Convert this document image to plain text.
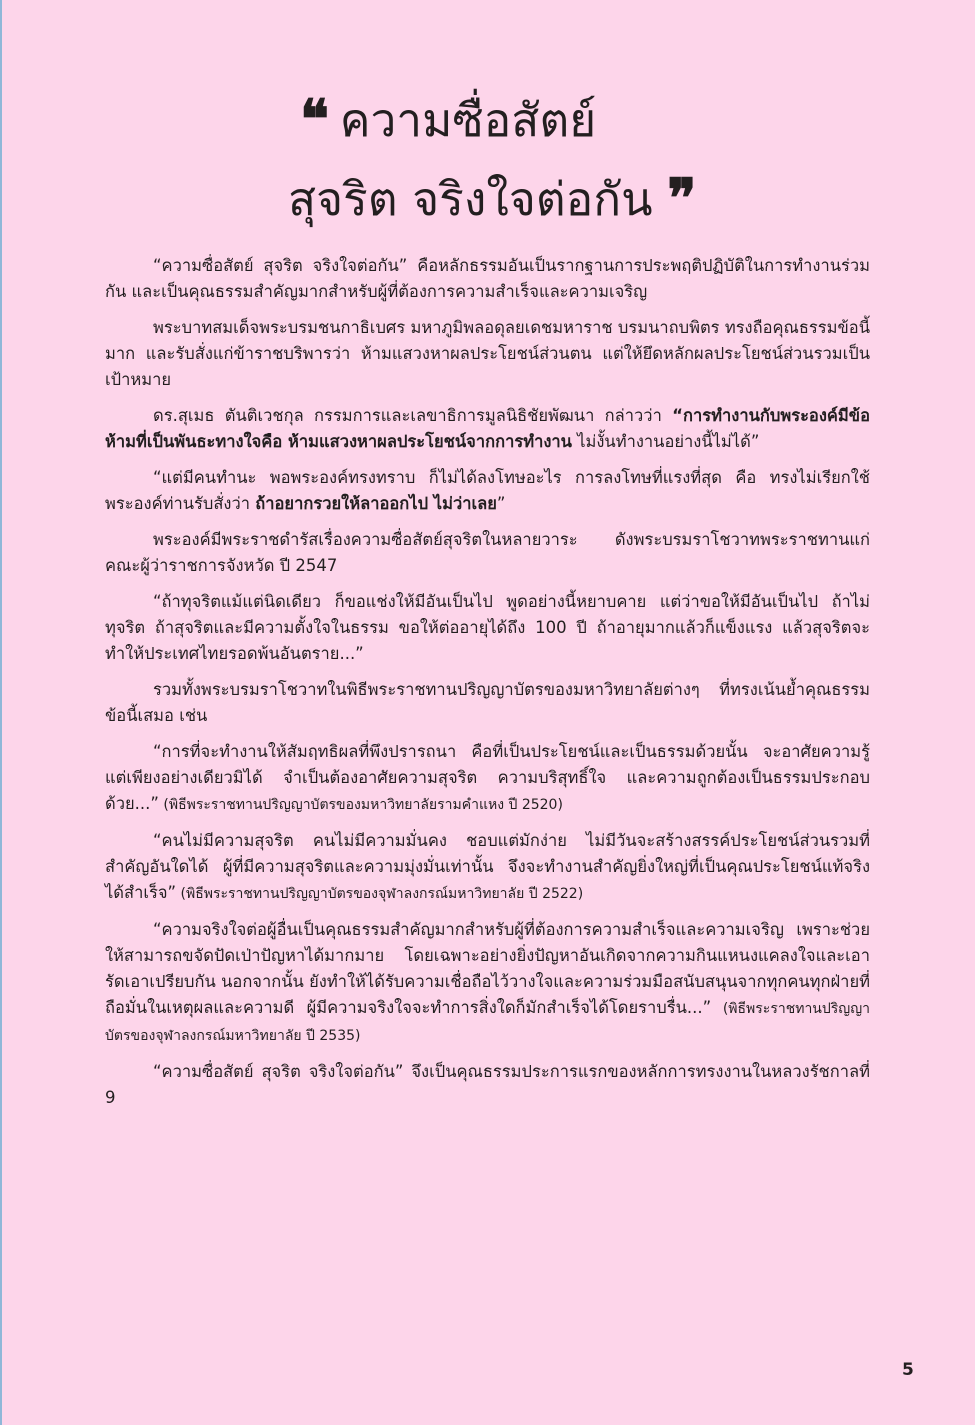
❝ ความซื่อสัตย์
สุจริต จริงใจต่อกัน ❞

“ความซื่อสัตย์ สุจริต จริงใจต่อกัน” คือหลักธรรมอันเป็นรากฐานการประพฤติปฏิบัติในการทำงานร่วมกัน และเป็นคุณธรรมสำคัญมากสำหรับผู้ที่ต้องการความสำเร็จและความเจริญ

พระบาทสมเด็จพระบรมชนกาธิเบศร มหาภูมิพลอดุลยเดชมหาราช บรมนาถบพิตร ทรงถือคุณธรรมข้อนี้มาก และรับสั่งแก่ข้าราชบริพารว่า ห้ามแสวงหาผลประโยชน์ส่วนตน แต่ให้ยึดหลักผลประโยชน์ส่วนรวมเป็นเป้าหมาย

ดร.สุเมธ ตันติเวชกุล กรรมการและเลขาธิการมูลนิธิชัยพัฒนา กล่าวว่า “การทำงานกับพระองค์มีข้อห้ามที่เป็นพันธะทางใจคือ ห้ามแสวงหาผลประโยชน์จากการทำงาน ไม่งั้นทำงานอย่างนี้ไม่ได้”

“แต่มีคนทำนะ พอพระองค์ทรงทราบ ก็ไม่ได้ลงโทษอะไร การลงโทษที่แรงที่สุด คือ ทรงไม่เรียกใช้ พระองค์ท่านรับสั่งว่า ถ้าอยากรวยให้ลาออกไป ไม่ว่าเลย”

พระองค์มีพระราชดำรัสเรื่องความซื่อสัตย์สุจริตในหลายวาระ ดังพระบรมราโชวาทพระราชทานแก่คณะผู้ว่าราชการจังหวัด ปี 2547

“ถ้าทุจริตแม้แต่นิดเดียว ก็ขอแช่งให้มีอันเป็นไป พูดอย่างนี้หยาบคาย แต่ว่าขอให้มีอันเป็นไป ถ้าไม่ทุจริต ถ้าสุจริตและมีความตั้งใจในธรรม ขอให้ต่ออายุได้ถึง 100 ปี ถ้าอายุมากแล้วก็แข็งแรง แล้วสุจริตจะทำให้ประเทศไทยรอดพ้นอันตราย...”

รวมทั้งพระบรมราโชวาทในพิธีพระราชทานปริญญาบัตรของมหาวิทยาลัยต่างๆ ที่ทรงเน้นย้ำคุณธรรมข้อนี้เสมอ เช่น

“การที่จะทำงานให้สัมฤทธิผลที่พึงปรารถนา คือที่เป็นประโยชน์และเป็นธรรมด้วยนั้น จะอาศัยความรู้แต่เพียงอย่างเดียวมิได้ จำเป็นต้องอาศัยความสุจริต ความบริสุทธิ์ใจ และความถูกต้องเป็นธรรมประกอบด้วย...” (พิธีพระราชทานปริญญาบัตรของมหาวิทยาลัยรามคำแหง ปี 2520)

“คนไม่มีความสุจริต คนไม่มีความมั่นคง ชอบแต่มักง่าย ไม่มีวันจะสร้างสรรค์ประโยชน์ส่วนรวมที่สำคัญอันใดได้ ผู้ที่มีความสุจริตและความมุ่งมั่นเท่านั้น จึงจะทำงานสำคัญยิ่งใหญ่ที่เป็นคุณประโยชน์แท้จริงได้สำเร็จ” (พิธีพระราชทานปริญญาบัตรของจุฬาลงกรณ์มหาวิทยาลัย ปี 2522)

“ความจริงใจต่อผู้อื่นเป็นคุณธรรมสำคัญมากสำหรับผู้ที่ต้องการความสำเร็จและความเจริญ เพราะช่วยให้สามารถขจัดปัดเป่าปัญหาได้มากมาย โดยเฉพาะอย่างยิ่งปัญหาอันเกิดจากความกินแหนงแคลงใจและเอารัดเอาเปรียบกัน นอกจากนั้น ยังทำให้ได้รับความเชื่อถือไว้วางใจและความร่วมมือสนับสนุนจากทุกคนทุกฝ่ายที่ถือมั่นในเหตุผลและความดี ผู้มีความจริงใจจะทำการสิ่งใดก็มักสำเร็จได้โดยราบรื่น...” (พิธีพระราชทานปริญญาบัตรของจุฬาลงกรณ์มหาวิทยาลัย ปี 2535)

“ความซื่อสัตย์ สุจริต จริงใจต่อกัน” จึงเป็นคุณธรรมประการแรกของหลักการทรงงานในหลวงรัชกาลที่ 9

5
